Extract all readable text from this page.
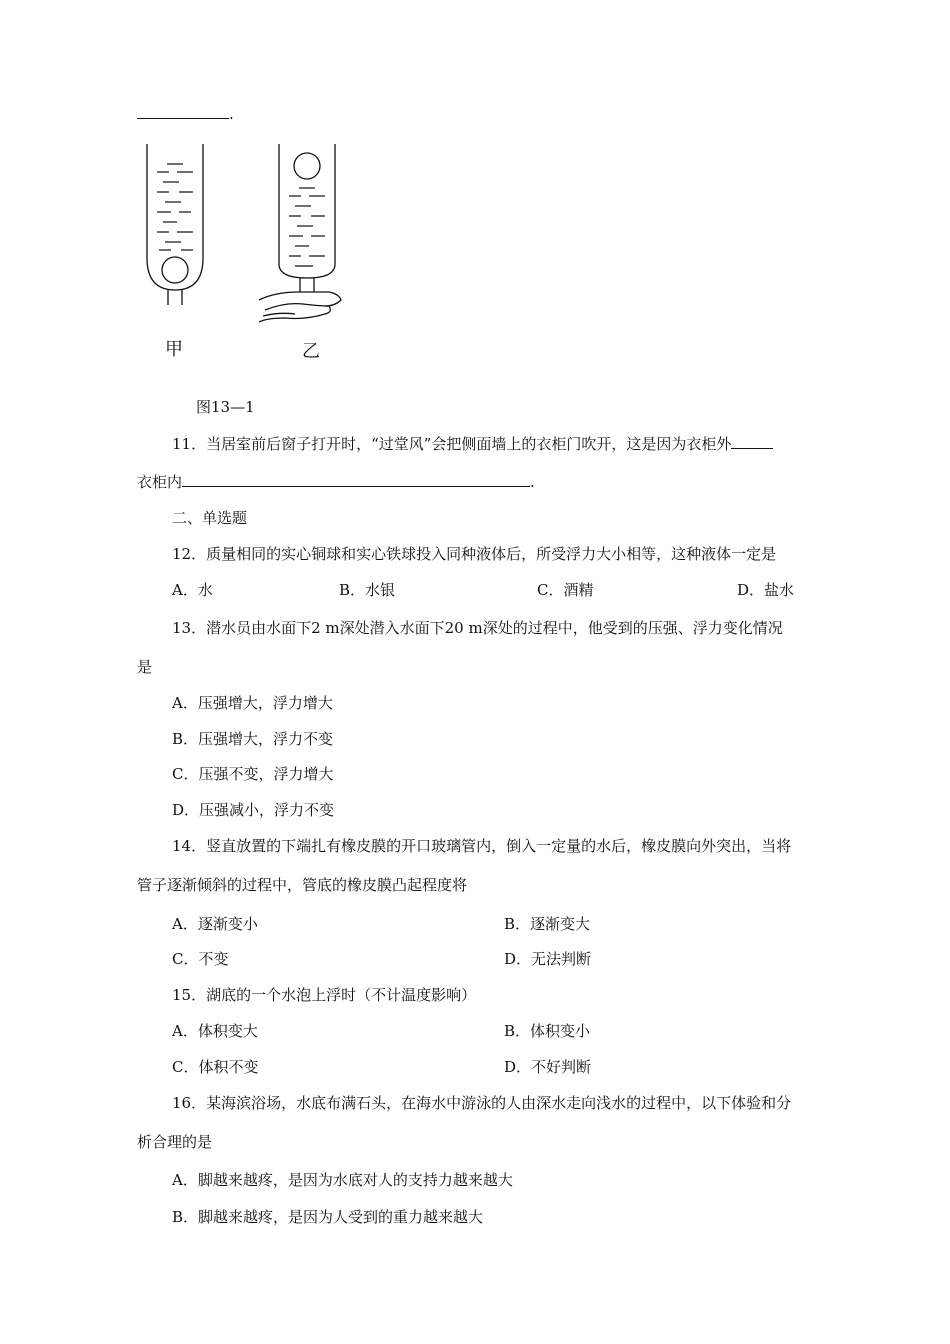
.
甲	乙
图13—1
11．当居室前后窗子打开时，“过堂风”会把侧面墙上的衣柜门吹开，这是因为衣柜外
衣柜内	.
二、单选题
12．质量相同的实心铜球和实心铁球投入同种液体后，所受浮力大小相等，这种液体一定是
A．水	B．水银	C．酒精	D．盐水
13．潜水员由水面下2 m深处潜入水面下20 m深处的过程中，他受到的压强、浮力变化情况
是
A．压强增大，浮力增大
B．压强增大，浮力不变
C．压强不变，浮力增大
D．压强减小，浮力不变
14．竖直放置的下端扎有橡皮膜的开口玻璃管内，倒入一定量的水后，橡皮膜向外突出，当将
管子逐渐倾斜的过程中，管底的橡皮膜凸起程度将
A．逐渐变小	B．逐渐变大
C．不变	D．无法判断
15．湖底的一个水泡上浮时（不计温度影响）
A．体积变大	B．体积变小
C．体积不变	D．不好判断
16．某海滨浴场，水底布满石头，在海水中游泳的人由深水走向浅水的过程中，以下体验和分
析合理的是
A．脚越来越疼，是因为水底对人的支持力越来越大
B．脚越来越疼，是因为人受到的重力越来越大
